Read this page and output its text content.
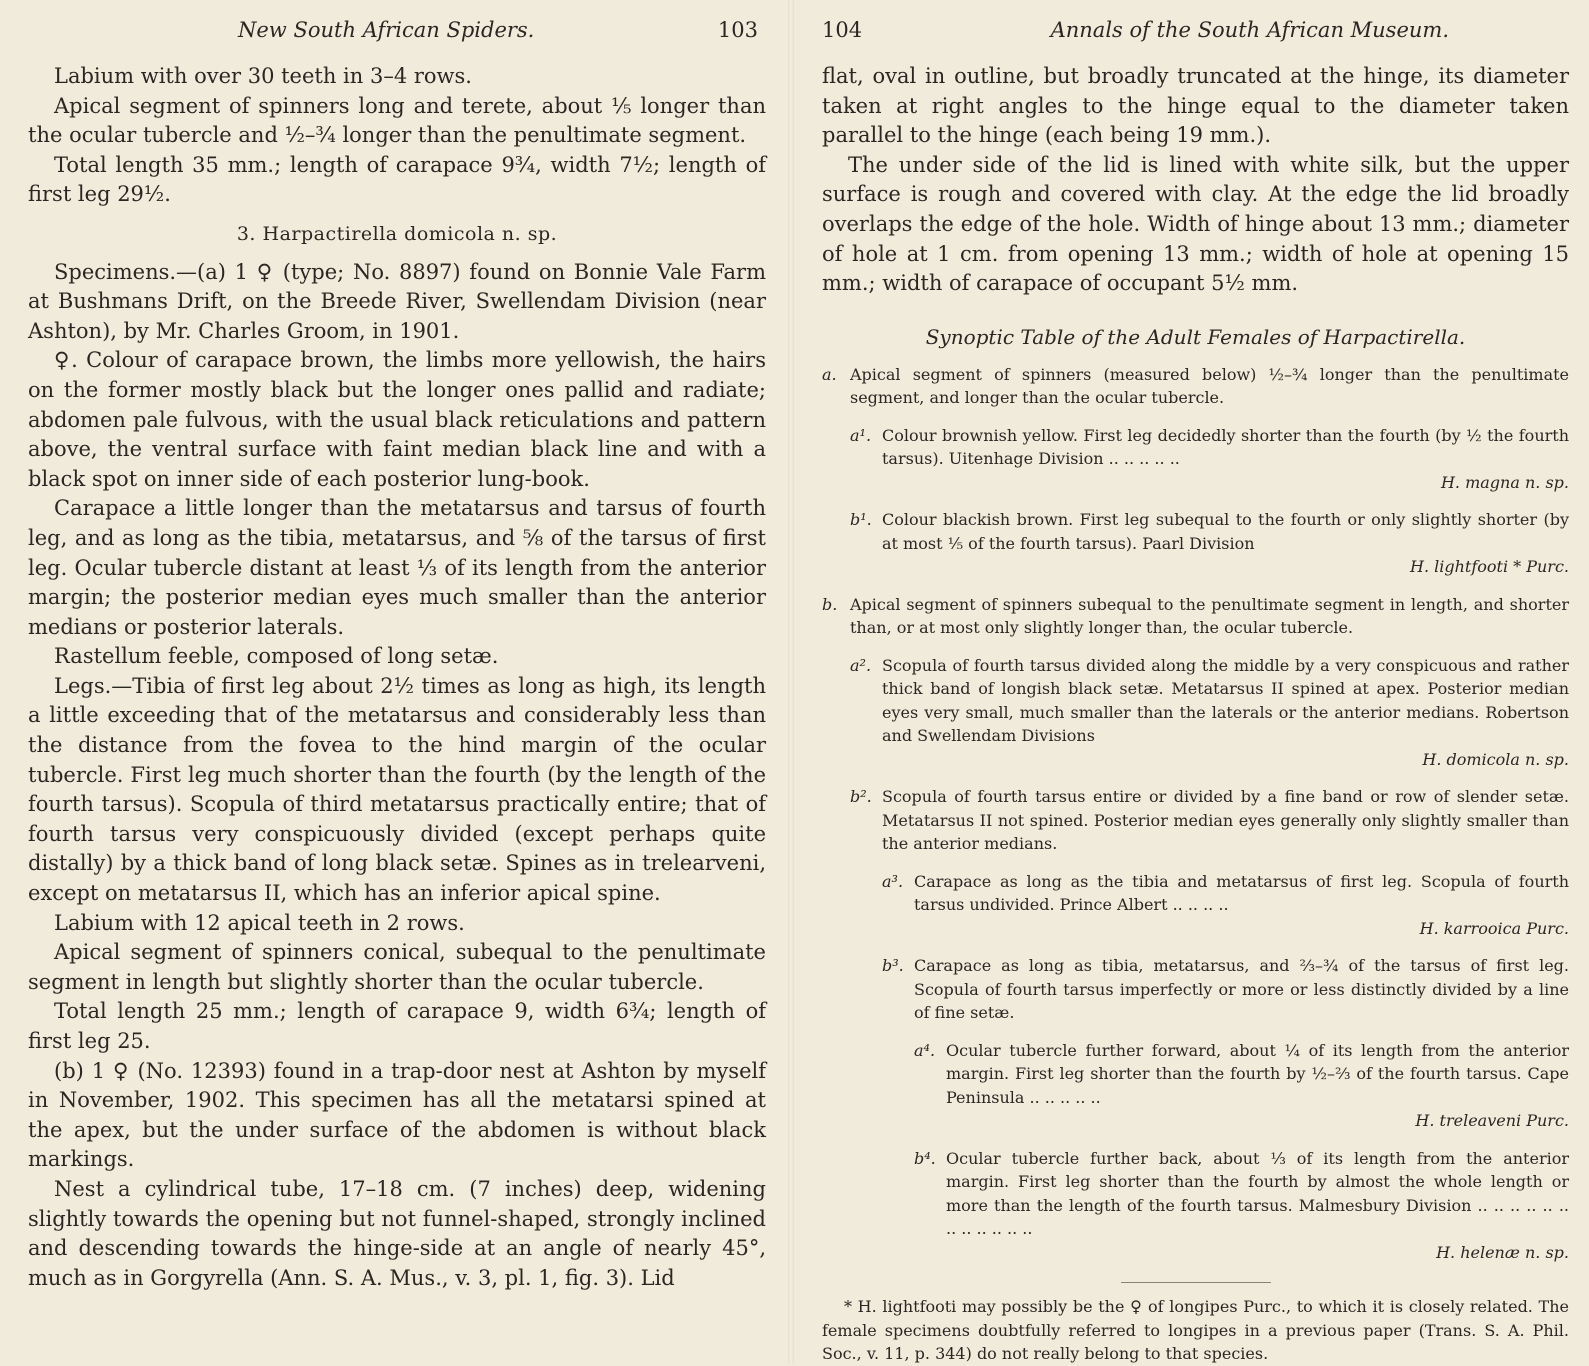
New South African Spiders.	103

Labium with over 30 teeth in 3–4 rows.

Apical segment of spinners long and terete, about ⅕ longer than the ocular tubercle and ½–¾ longer than the penultimate segment.

Total length 35 mm.; length of carapace 9¾, width 7½; length of first leg 29½.

3. Harpactirella domicola n. sp.

Specimens.—(a) 1 ♀ (type; No. 8897) found on Bonnie Vale Farm at Bushmans Drift, on the Breede River, Swellendam Division (near Ashton), by Mr. Charles Groom, in 1901.

♀. Colour of carapace brown, the limbs more yellowish, the hairs on the former mostly black but the longer ones pallid and radiate; abdomen pale fulvous, with the usual black reticulations and pattern above, the ventral surface with faint median black line and with a black spot on inner side of each posterior lung-book.

Carapace a little longer than the metatarsus and tarsus of fourth leg, and as long as the tibia, metatarsus, and ⅝ of the tarsus of first leg. Ocular tubercle distant at least ⅓ of its length from the anterior margin; the posterior median eyes much smaller than the anterior medians or posterior laterals.

Rastellum feeble, composed of long setæ.

Legs.—Tibia of first leg about 2½ times as long as high, its length a little exceeding that of the metatarsus and considerably less than the distance from the fovea to the hind margin of the ocular tubercle. First leg much shorter than the fourth (by the length of the fourth tarsus). Scopula of third metatarsus practically entire; that of fourth tarsus very conspicuously divided (except perhaps quite distally) by a thick band of long black setæ. Spines as in trelearveni, except on metatarsus II, which has an inferior apical spine.

Labium with 12 apical teeth in 2 rows.

Apical segment of spinners conical, subequal to the penultimate segment in length but slightly shorter than the ocular tubercle.

Total length 25 mm.; length of carapace 9, width 6¾; length of first leg 25.

(b) 1 ♀ (No. 12393) found in a trap-door nest at Ashton by myself in November, 1902. This specimen has all the metatarsi spined at the apex, but the under surface of the abdomen is without black markings.

Nest a cylindrical tube, 17–18 cm. (7 inches) deep, widening slightly towards the opening but not funnel-shaped, strongly inclined and descending towards the hinge-side at an angle of nearly 45°, much as in Gorgyrella (Ann. S. A. Mus., v. 3, pl. 1, fig. 3). Lid

104	Annals of the South African Museum.

flat, oval in outline, but broadly truncated at the hinge, its diameter taken at right angles to the hinge equal to the diameter taken parallel to the hinge (each being 19 mm.).

The under side of the lid is lined with white silk, but the upper surface is rough and covered with clay. At the edge the lid broadly overlaps the edge of the hole. Width of hinge about 13 mm.; diameter of hole at 1 cm. from opening 13 mm.; width of hole at opening 15 mm.; width of carapace of occupant 5½ mm.

Synoptic Table of the Adult Females of Harpactirella.
a. Apical segment of spinners (measured below) ½–¾ longer than the penultimate segment, and longer than the ocular tubercle.
a¹. Colour brownish yellow. First leg decidedly shorter than the fourth (by ½ the fourth tarsus). Uitenhage Division .. .. .. .. ..
H. magna n. sp.
b¹. Colour blackish brown. First leg subequal to the fourth or only slightly shorter (by at most ⅕ of the fourth tarsus). Paarl Division
H. lightfooti * Purc.
b. Apical segment of spinners subequal to the penultimate segment in length, and shorter than, or at most only slightly longer than, the ocular tubercle.
a². Scopula of fourth tarsus divided along the middle by a very conspicuous and rather thick band of longish black setæ. Metatarsus II spined at apex. Posterior median eyes very small, much smaller than the laterals or the anterior medians. Robertson and Swellendam Divisions
H. domicola n. sp.
b². Scopula of fourth tarsus entire or divided by a fine band or row of slender setæ. Metatarsus II not spined. Posterior median eyes generally only slightly smaller than the anterior medians.
a³. Carapace as long as the tibia and metatarsus of first leg. Scopula of fourth tarsus undivided. Prince Albert .. .. .. ..
H. karrooica Purc.
b³. Carapace as long as tibia, metatarsus, and ⅔–¾ of the tarsus of first leg. Scopula of fourth tarsus imperfectly or more or less distinctly divided by a line of fine setæ.
a⁴. Ocular tubercle further forward, about ¼ of its length from the anterior margin. First leg shorter than the fourth by ½–⅔ of the fourth tarsus. Cape Peninsula .. .. .. .. ..
H. treleaveni Purc.
b⁴. Ocular tubercle further back, about ⅓ of its length from the anterior margin. First leg shorter than the fourth by almost the whole length or more than the length of the fourth tarsus. Malmesbury Division .. .. .. .. .. .. .. .. .. .. .. ..
H. helenæ n. sp.

* H. lightfooti may possibly be the ♀ of longipes Purc., to which it is closely related. The female specimens doubtfully referred to longipes in a previous paper (Trans. S. A. Phil. Soc., v. 11, p. 344) do not really belong to that species.
